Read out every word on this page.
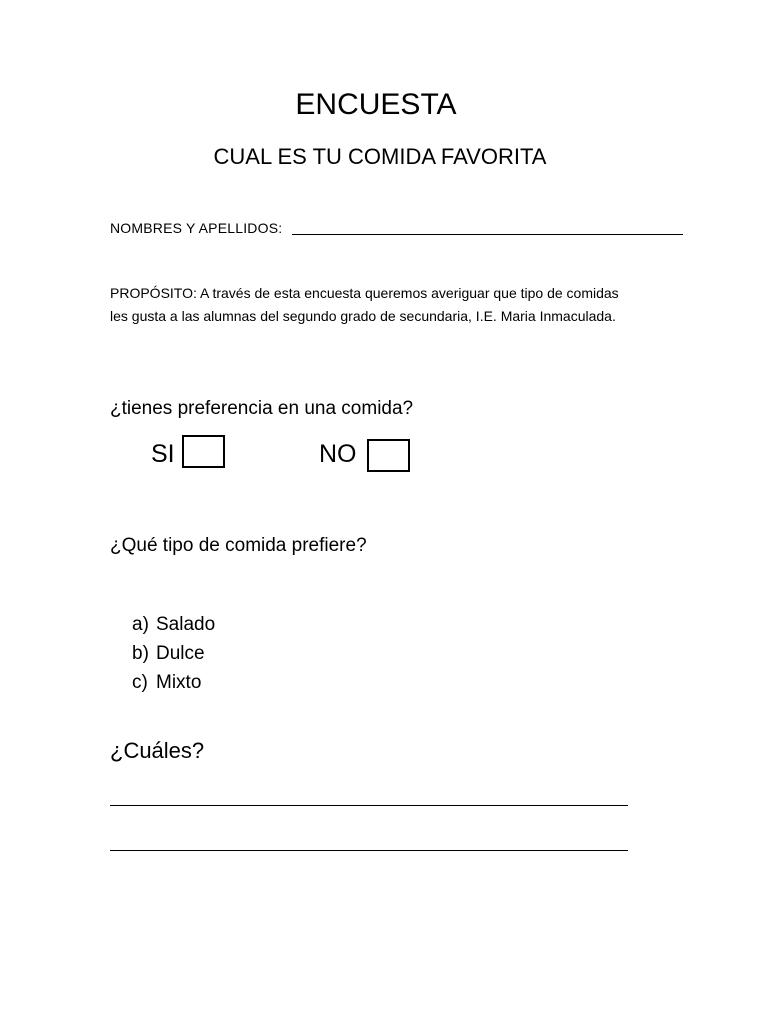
ENCUESTA
CUAL ES TU COMIDA FAVORITA
NOMBRES Y APELLIDOS:
PROPÓSITO: A través de esta encuesta queremos averiguar que tipo de comidas les gusta a las alumnas del segundo grado de secundaria, I.E. Maria Inmaculada.
¿tienes preferencia en una comida?
SI	NO
¿Qué tipo de comida prefiere?
a) Salado
b) Dulce
c) Mixto
¿Cuáles?
